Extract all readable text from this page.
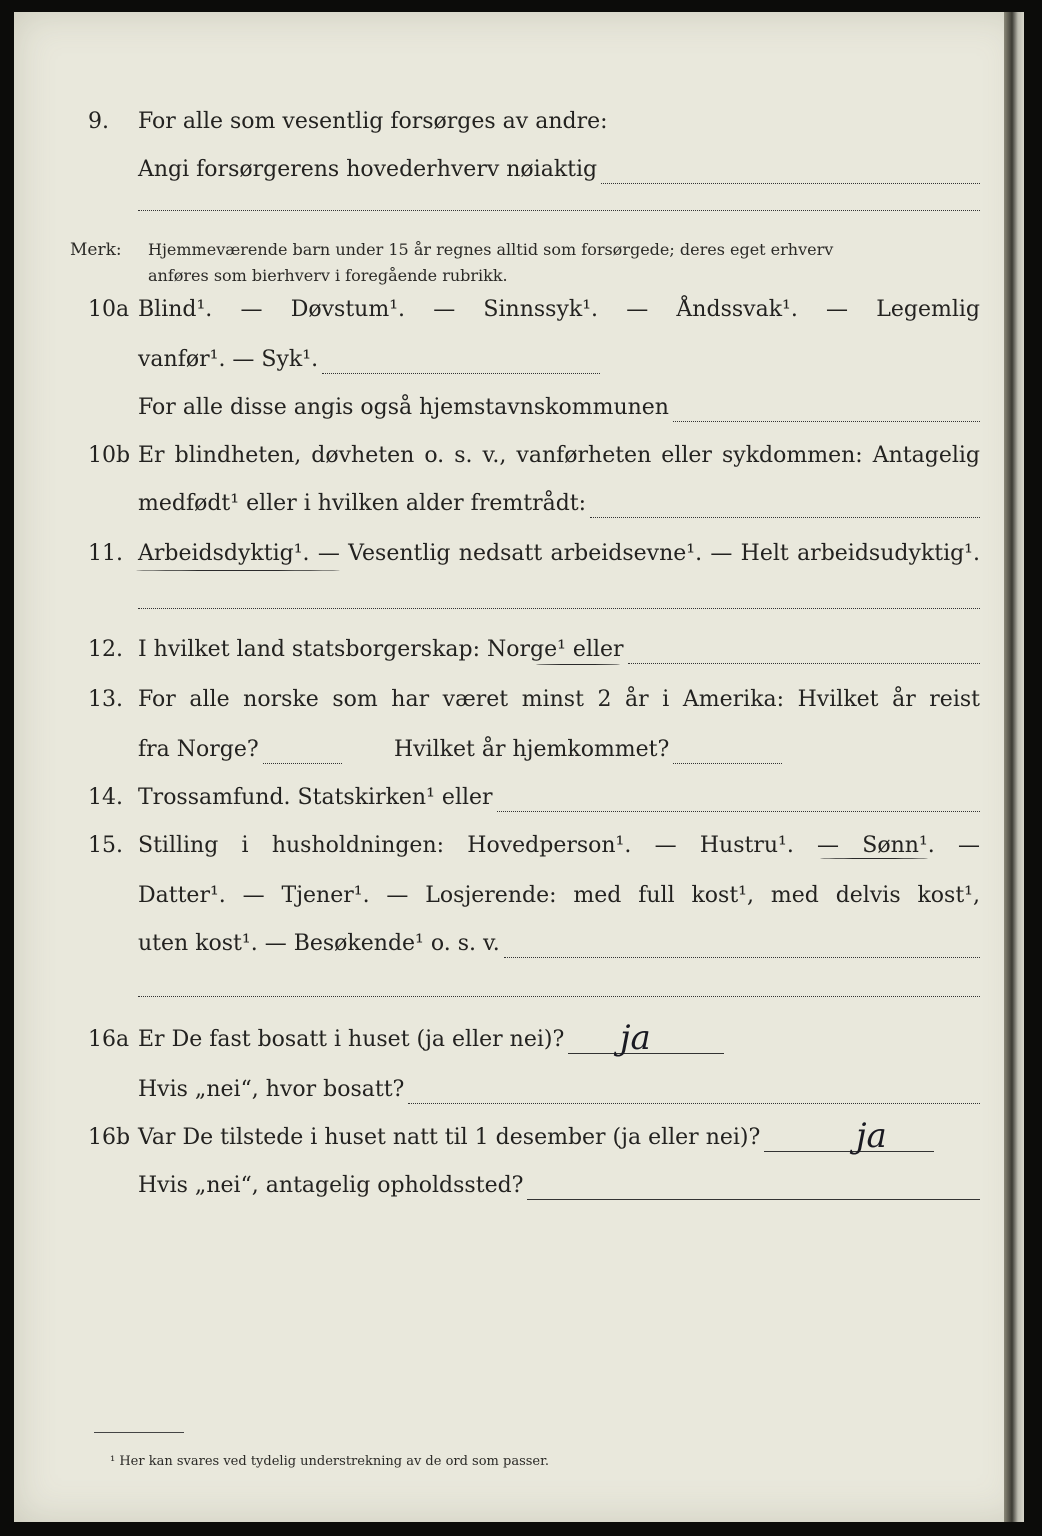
9. For alle som vesentlig forsørges av andre:
Angi forsørgerens hovederhverv nøiaktig
Merk: Hjemmeværende barn under 15 år regnes alltid som forsørgede; deres eget erhverv
anføres som bierhverv i foregående rubrikk.
10a Blind¹. — Døvstum¹. — Sinnssyk¹. — Åndssvak¹. — Legemlig
vanfør¹. — Syk¹.
For alle disse angis også hjemstavnskommunen
10b Er blindheten, døvheten o. s. v., vanførheten eller sykdommen: Antagelig
medfødt¹ eller i hvilken alder fremtrådt:
11. Arbeidsdyktig¹. — Vesentlig nedsatt arbeidsevne¹. — Helt arbeidsudyktig¹.
12. I hvilket land statsborgerskap: Norge¹ eller
13. For alle norske som har været minst 2 år i Amerika: Hvilket år reist
fra Norge?	Hvilket år hjemkommet?
14. Trossamfund. Statskirken¹ eller
15. Stilling i husholdningen: Hovedperson¹. — Hustru¹. — Sønn¹. —
Datter¹. — Tjener¹. — Losjerende: med full kost¹, med delvis kost¹,
uten kost¹. — Besøkende¹ o. s. v.
16a Er De fast bosatt i huset (ja eller nei)? ja
Hvis „nei“, hvor bosatt?
16b Var De tilstede i huset natt til 1 desember (ja eller nei)?	ja
Hvis „nei“, antagelig opholdssted?
¹ Her kan svares ved tydelig understrekning av de ord som passer.
